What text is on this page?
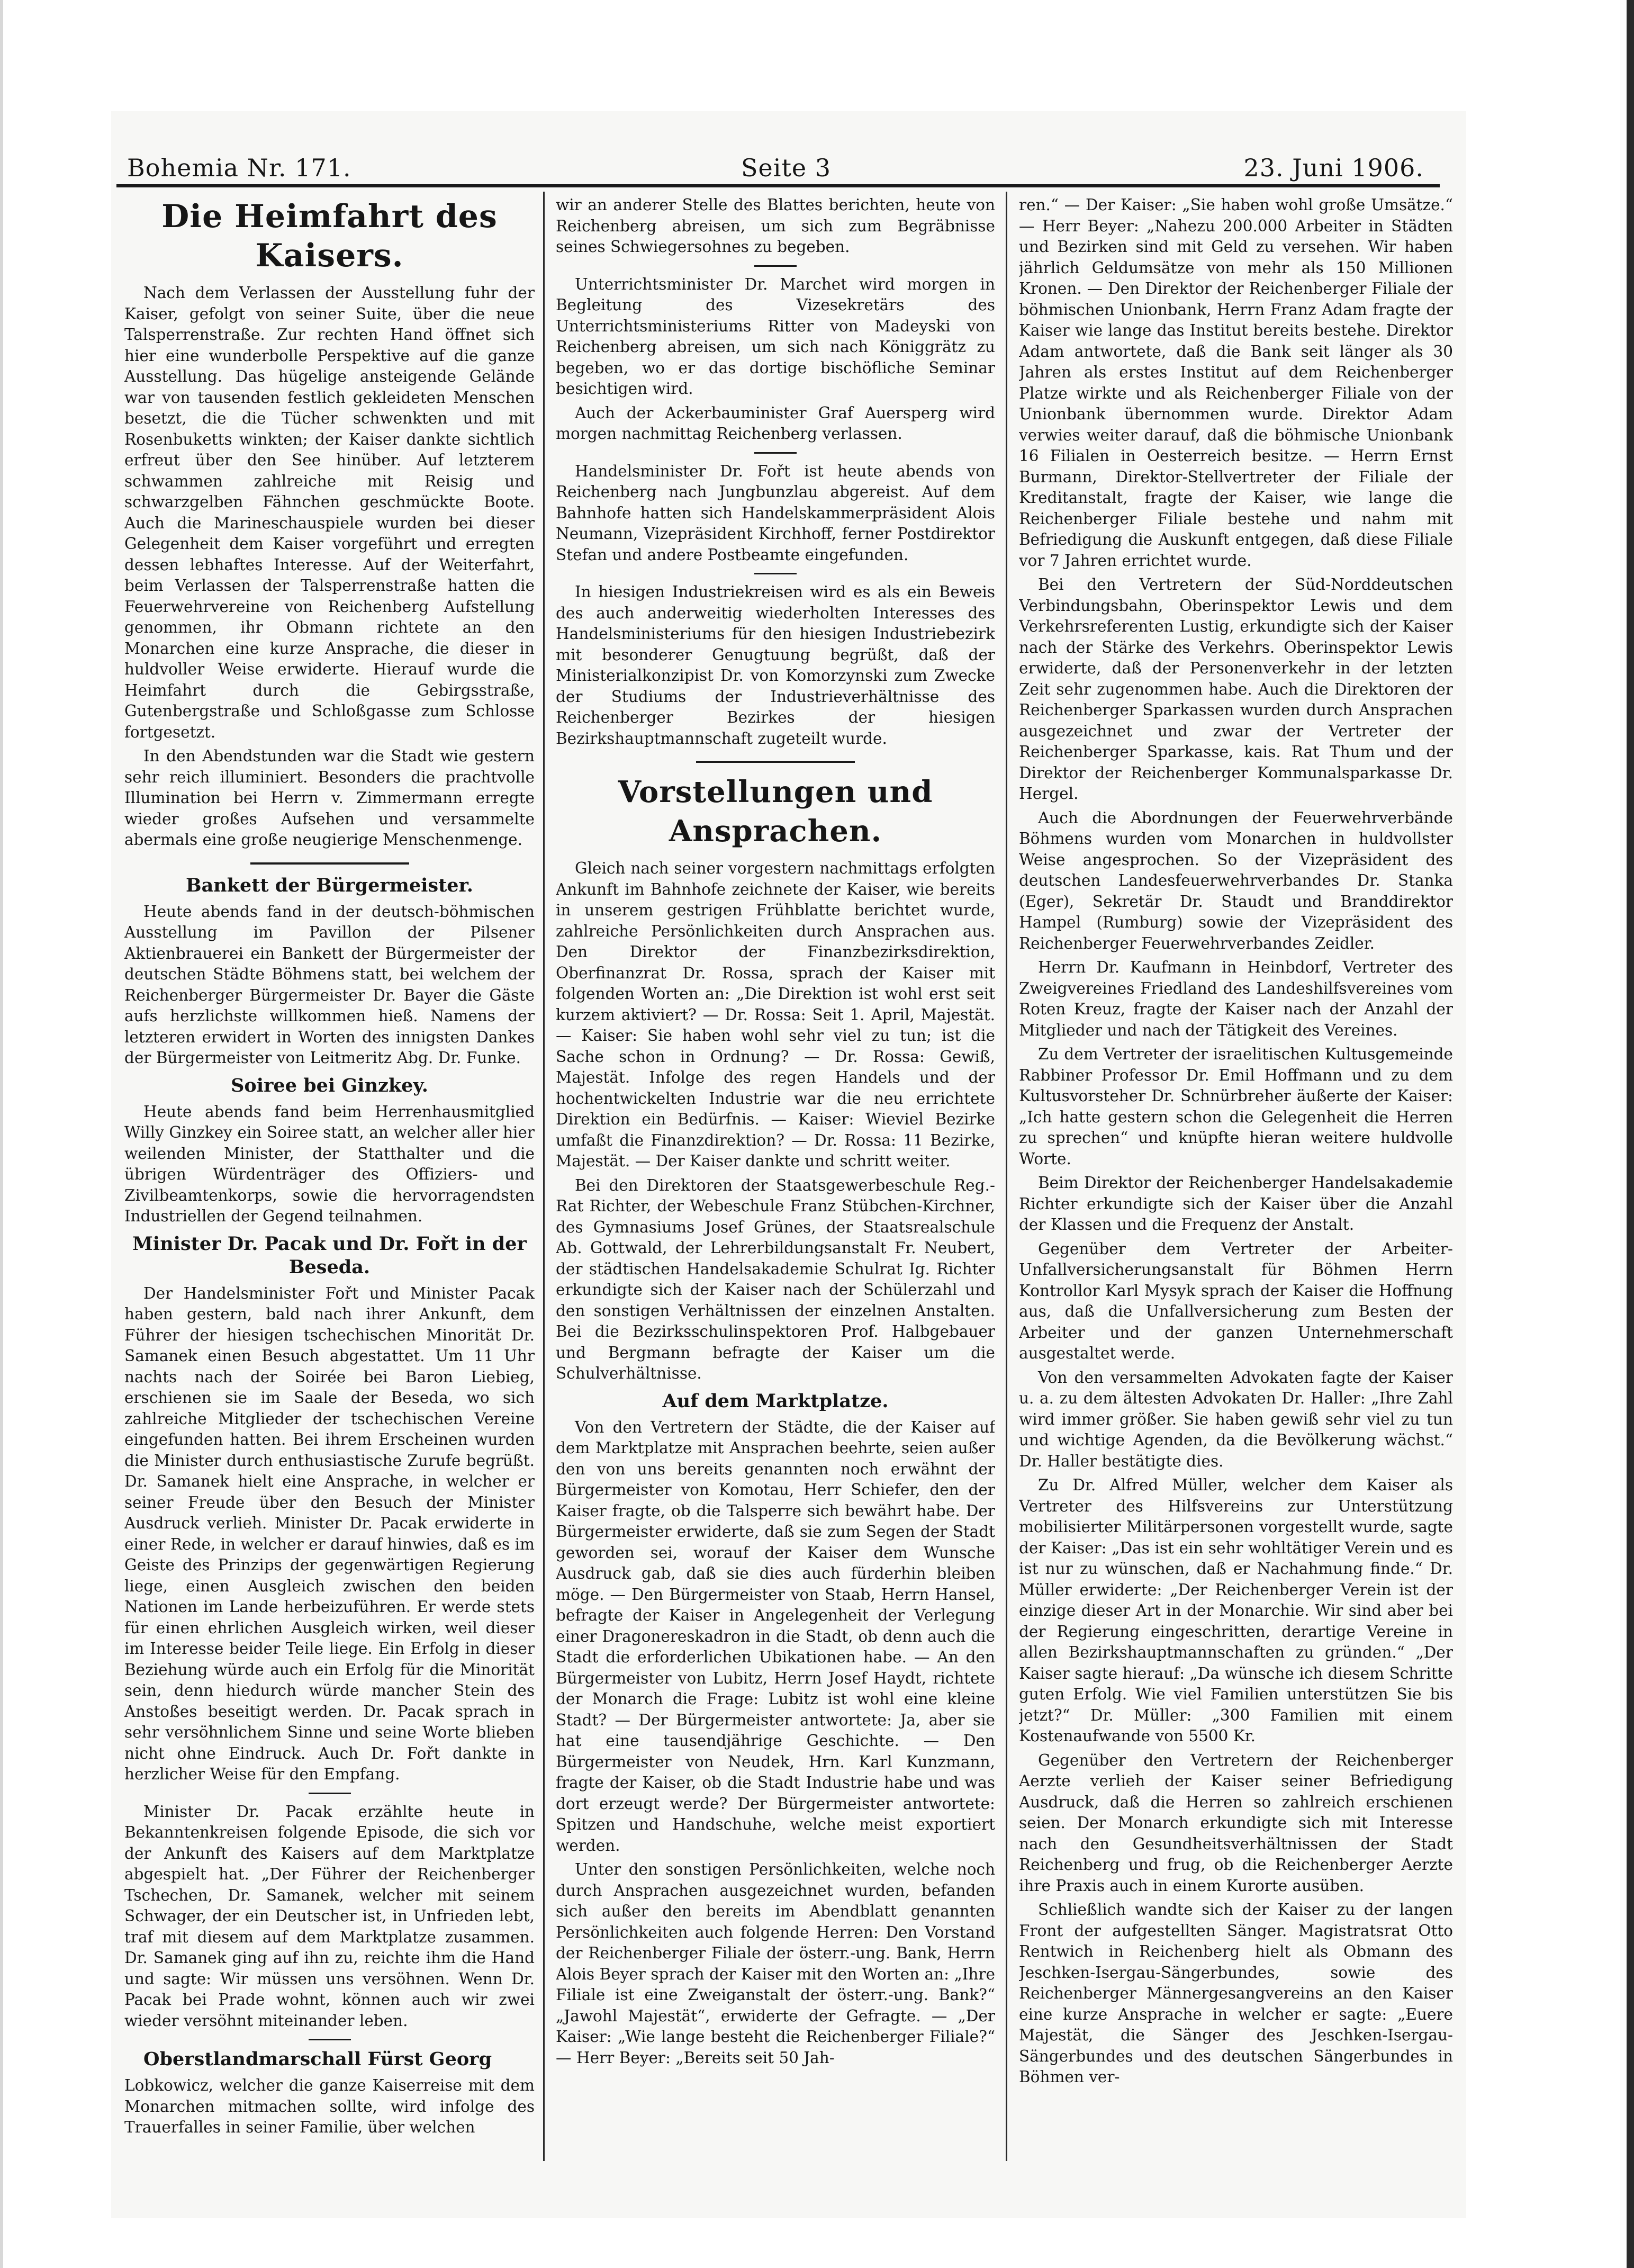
Bohemia Nr. 171.	Seite 3	23. Juni 1906.
Die Heimfahrt des Kaisers.

Nach dem Verlassen der Ausstellung fuhr der Kaiser, gefolgt von seiner Suite, über die neue Talsperrenstraße. Zur rechten Hand öffnet sich hier eine wunderbolle Perspektive auf die ganze Ausstellung. Das hügelige ansteigende Gelände war von tausenden festlich gekleideten Menschen besetzt, die die Tücher schwenkten und mit Rosenbuketts winkten; der Kaiser dankte sichtlich erfreut über den See hinüber. Auf letzterem schwammen zahlreiche mit Reisig und schwarzgelben Fähnchen geschmückte Boote. Auch die Marineschauspiele wurden bei dieser Gelegenheit dem Kaiser vorgeführt und erregten dessen lebhaftes Interesse. Auf der Weiterfahrt, beim Verlassen der Talsperrenstraße hatten die Feuerwehrvereine von Reichenberg Aufstellung genommen, ihr Obmann richtete an den Monarchen eine kurze Ansprache, die dieser in huldvoller Weise erwiderte. Hierauf wurde die Heimfahrt durch die Gebirgsstraße, Gutenbergstraße und Schloßgasse zum Schlosse fortgesetzt.

In den Abendstunden war die Stadt wie gestern sehr reich illuminiert. Besonders die prachtvolle Illumination bei Herrn v. Zimmermann erregte wieder großes Aufsehen und versammelte abermals eine große neugierige Menschenmenge.

Bankett der Bürgermeister.

Heute abends fand in der deutsch-böhmischen Ausstellung im Pavillon der Pilsener Aktienbrauerei ein Bankett der Bürgermeister der deutschen Städte Böhmens statt, bei welchem der Reichenberger Bürgermeister Dr. Bayer die Gäste aufs herzlichste willkommen hieß. Namens der letzteren erwidert in Worten des innigsten Dankes der Bürgermeister von Leitmeritz Abg. Dr. Funke.

Soiree bei Ginzkey.

Heute abends fand beim Herrenhausmitglied Willy Ginzkey ein Soiree statt, an welcher aller hier weilenden Minister, der Statthalter und die übrigen Würdenträger des Offiziers- und Zivilbeamtenkorps, sowie die hervorragendsten Industriellen der Gegend teilnahmen.

Minister Dr. Pacak und Dr. Fořt in der Beseda.

Der Handelsminister Fořt und Minister Pacak haben gestern, bald nach ihrer Ankunft, dem Führer der hiesigen tschechischen Minorität Dr. Samanek einen Besuch abgestattet. Um 11 Uhr nachts nach der Soirée bei Baron Liebieg, erschienen sie im Saale der Beseda, wo sich zahlreiche Mitglieder der tschechischen Vereine eingefunden hatten. Bei ihrem Erscheinen wurden die Minister durch enthusiastische Zurufe begrüßt. Dr. Samanek hielt eine Ansprache, in welcher er seiner Freude über den Besuch der Minister Ausdruck verlieh. Minister Dr. Pacak erwiderte in einer Rede, in welcher er darauf hinwies, daß es im Geiste des Prinzips der gegenwärtigen Regierung liege, einen Ausgleich zwischen den beiden Nationen im Lande herbeizuführen. Er werde stets für einen ehrlichen Ausgleich wirken, weil dieser im Interesse beider Teile liege. Ein Erfolg in dieser Beziehung würde auch ein Erfolg für die Minorität sein, denn hiedurch würde mancher Stein des Anstoßes beseitigt werden. Dr. Pacak sprach in sehr versöhnlichem Sinne und seine Worte blieben nicht ohne Eindruck. Auch Dr. Fořt dankte in herzlicher Weise für den Empfang.

Minister Dr. Pacak erzählte heute in Bekanntenkreisen folgende Episode, die sich vor der Ankunft des Kaisers auf dem Marktplatze abgespielt hat. „Der Führer der Reichenberger Tschechen, Dr. Samanek, welcher mit seinem Schwager, der ein Deutscher ist, in Unfrieden lebt, traf mit diesem auf dem Marktplatze zusammen. Dr. Samanek ging auf ihn zu, reichte ihm die Hand und sagte: Wir müssen uns versöhnen. Wenn Dr. Pacak bei Prade wohnt, können auch wir zwei wieder versöhnt miteinander leben.

Oberstlandmarschall Fürst Georg

Lobkowicz, welcher die ganze Kaiserreise mit dem Monarchen mitmachen sollte, wird infolge des Trauerfalles in seiner Familie, über welchen

wir an anderer Stelle des Blattes berichten, heute von Reichenberg abreisen, um sich zum Begräbnisse seines Schwiegersohnes zu begeben.

Unterrichtsminister Dr. Marchet wird morgen in Begleitung des Vizesekretärs des Unterrichtsministeriums Ritter von Madeyski von Reichenberg abreisen, um sich nach Königgrätz zu begeben, wo er das dortige bischöfliche Seminar besichtigen wird.

Auch der Ackerbauminister Graf Auersperg wird morgen nachmittag Reichenberg verlassen.

Handelsminister Dr. Fořt ist heute abends von Reichenberg nach Jungbunzlau abgereist. Auf dem Bahnhofe hatten sich Handelskammerpräsident Alois Neumann, Vizepräsident Kirchhoff, ferner Postdirektor Stefan und andere Postbeamte eingefunden.

In hiesigen Industriekreisen wird es als ein Beweis des auch anderweitig wiederholten Interesses des Handelsministeriums für den hiesigen Industriebezirk mit besonderer Genugtuung begrüßt, daß der Ministerialkonzipist Dr. von Komorzynski zum Zwecke der Studiums der Industrieverhältnisse des Reichenberger Bezirkes der hiesigen Bezirkshauptmannschaft zugeteilt wurde.

Vorstellungen und Ansprachen.

Gleich nach seiner vorgestern nachmittags erfolgten Ankunft im Bahnhofe zeichnete der Kaiser, wie bereits in unserem gestrigen Frühblatte berichtet wurde, zahlreiche Persönlichkeiten durch Ansprachen aus. Den Direktor der Finanzbezirksdirektion, Oberfinanzrat Dr. Rossa, sprach der Kaiser mit folgenden Worten an: „Die Direktion ist wohl erst seit kurzem aktiviert? — Dr. Rossa: Seit 1. April, Majestät. — Kaiser: Sie haben wohl sehr viel zu tun; ist die Sache schon in Ordnung? — Dr. Rossa: Gewiß, Majestät. Infolge des regen Handels und der hochentwickelten Industrie war die neu errichtete Direktion ein Bedürfnis. — Kaiser: Wieviel Bezirke umfaßt die Finanzdirektion? — Dr. Rossa: 11 Bezirke, Majestät. — Der Kaiser dankte und schritt weiter.

Bei den Direktoren der Staatsgewerbeschule Reg.-Rat Richter, der Webeschule Franz Stübchen-Kirchner, des Gymnasiums Josef Grünes, der Staatsrealschule Ab. Gottwald, der Lehrerbildungsanstalt Fr. Neubert, der städtischen Handelsakademie Schulrat Ig. Richter erkundigte sich der Kaiser nach der Schülerzahl und den sonstigen Verhältnissen der einzelnen Anstalten. Bei die Bezirksschulinspektoren Prof. Halbgebauer und Bergmann befragte der Kaiser um die Schulverhältnisse.

Auf dem Marktplatze.

Von den Vertretern der Städte, die der Kaiser auf dem Marktplatze mit Ansprachen beehrte, seien außer den von uns bereits genannten noch erwähnt der Bürgermeister von Komotau, Herr Schiefer, den der Kaiser fragte, ob die Talsperre sich bewährt habe. Der Bürgermeister erwiderte, daß sie zum Segen der Stadt geworden sei, worauf der Kaiser dem Wunsche Ausdruck gab, daß sie dies auch fürderhin bleiben möge. — Den Bürgermeister von Staab, Herrn Hansel, befragte der Kaiser in Angelegenheit der Verlegung einer Dragonereskadron in die Stadt, ob denn auch die Stadt die erforderlichen Ubikationen habe. — An den Bürgermeister von Lubitz, Herrn Josef Haydt, richtete der Monarch die Frage: Lubitz ist wohl eine kleine Stadt? — Der Bürgermeister antwortete: Ja, aber sie hat eine tausendjährige Geschichte. — Den Bürgermeister von Neudek, Hrn. Karl Kunzmann, fragte der Kaiser, ob die Stadt Industrie habe und was dort erzeugt werde? Der Bürgermeister antwortete: Spitzen und Handschuhe, welche meist exportiert werden.

Unter den sonstigen Persönlichkeiten, welche noch durch Ansprachen ausgezeichnet wurden, befanden sich außer den bereits im Abendblatt genannten Persönlichkeiten auch folgende Herren: Den Vorstand der Reichenberger Filiale der österr.-ung. Bank, Herrn Alois Beyer sprach der Kaiser mit den Worten an: „Ihre Filiale ist eine Zweiganstalt der österr.-ung. Bank?“ „Jawohl Majestät“, erwiderte der Gefragte. — „Der Kaiser: „Wie lange besteht die Reichenberger Filiale?“ — Herr Beyer: „Bereits seit 50 Jah-

ren.“ — Der Kaiser: „Sie haben wohl große Umsätze.“ — Herr Beyer: „Nahezu 200.000 Arbeiter in Städten und Bezirken sind mit Geld zu versehen. Wir haben jährlich Geldumsätze von mehr als 150 Millionen Kronen. — Den Direktor der Reichenberger Filiale der böhmischen Unionbank, Herrn Franz Adam fragte der Kaiser wie lange das Institut bereits bestehe. Direktor Adam antwortete, daß die Bank seit länger als 30 Jahren als erstes Institut auf dem Reichenberger Platze wirkte und als Reichenberger Filiale von der Unionbank übernommen wurde. Direktor Adam verwies weiter darauf, daß die böhmische Unionbank 16 Filialen in Oesterreich besitze. — Herrn Ernst Burmann, Direktor-Stellvertreter der Filiale der Kreditanstalt, fragte der Kaiser, wie lange die Reichenberger Filiale bestehe und nahm mit Befriedigung die Auskunft entgegen, daß diese Filiale vor 7 Jahren errichtet wurde.

Bei den Vertretern der Süd-Norddeutschen Verbindungsbahn, Oberinspektor Lewis und dem Verkehrsreferenten Lustig, erkundigte sich der Kaiser nach der Stärke des Verkehrs. Oberinspektor Lewis erwiderte, daß der Personenverkehr in der letzten Zeit sehr zugenommen habe. Auch die Direktoren der Reichenberger Sparkassen wurden durch Ansprachen ausgezeichnet und zwar der Vertreter der Reichenberger Sparkasse, kais. Rat Thum und der Direktor der Reichenberger Kommunalsparkasse Dr. Hergel.

Auch die Abordnungen der Feuerwehrverbände Böhmens wurden vom Monarchen in huldvollster Weise angesprochen. So der Vizepräsident des deutschen Landesfeuerwehrverbandes Dr. Stanka (Eger), Sekretär Dr. Staudt und Branddirektor Hampel (Rumburg) sowie der Vizepräsident des Reichenberger Feuerwehrverbandes Zeidler.

Herrn Dr. Kaufmann in Heinbdorf, Vertreter des Zweigvereines Friedland des Landeshilfsvereines vom Roten Kreuz, fragte der Kaiser nach der Anzahl der Mitglieder und nach der Tätigkeit des Vereines.

Zu dem Vertreter der israelitischen Kultusgemeinde Rabbiner Professor Dr. Emil Hoffmann und zu dem Kultusvorsteher Dr. Schnürbreher äußerte der Kaiser: „Ich hatte gestern schon die Gelegenheit die Herren zu sprechen“ und knüpfte hieran weitere huldvolle Worte.

Beim Direktor der Reichenberger Handelsakademie Richter erkundigte sich der Kaiser über die Anzahl der Klassen und die Frequenz der Anstalt.

Gegenüber dem Vertreter der Arbeiter-Unfallversicherungsanstalt für Böhmen Herrn Kontrollor Karl Mysyk sprach der Kaiser die Hoffnung aus, daß die Unfallversicherung zum Besten der Arbeiter und der ganzen Unternehmerschaft ausgestaltet werde.

Von den versammelten Advokaten fagte der Kaiser u. a. zu dem ältesten Advokaten Dr. Haller: „Ihre Zahl wird immer größer. Sie haben gewiß sehr viel zu tun und wichtige Agenden, da die Bevölkerung wächst.“ Dr. Haller bestätigte dies.

Zu Dr. Alfred Müller, welcher dem Kaiser als Vertreter des Hilfsvereins zur Unterstützung mobilisierter Militärpersonen vorgestellt wurde, sagte der Kaiser: „Das ist ein sehr wohltätiger Verein und es ist nur zu wünschen, daß er Nachahmung finde.“ Dr. Müller erwiderte: „Der Reichenberger Verein ist der einzige dieser Art in der Monarchie. Wir sind aber bei der Regierung eingeschritten, derartige Vereine in allen Bezirkshauptmannschaften zu gründen.“ „Der Kaiser sagte hierauf: „Da wünsche ich diesem Schritte guten Erfolg. Wie viel Familien unterstützen Sie bis jetzt?“ Dr. Müller: „300 Familien mit einem Kostenaufwande von 5500 Kr.

Gegenüber den Vertretern der Reichenberger Aerzte verlieh der Kaiser seiner Befriedigung Ausdruck, daß die Herren so zahlreich erschienen seien. Der Monarch erkundigte sich mit Interesse nach den Gesundheitsverhältnissen der Stadt Reichenberg und frug, ob die Reichenberger Aerzte ihre Praxis auch in einem Kurorte ausüben.

Schließlich wandte sich der Kaiser zu der langen Front der aufgestellten Sänger. Magistratsrat Otto Rentwich in Reichenberg hielt als Obmann des Jeschken-Isergau-Sängerbundes, sowie des Reichenberger Männergesangvereins an den Kaiser eine kurze Ansprache in welcher er sagte: „Euere Majestät, die Sänger des Jeschken-Isergau-Sängerbundes und des deutschen Sängerbundes in Böhmen ver-
